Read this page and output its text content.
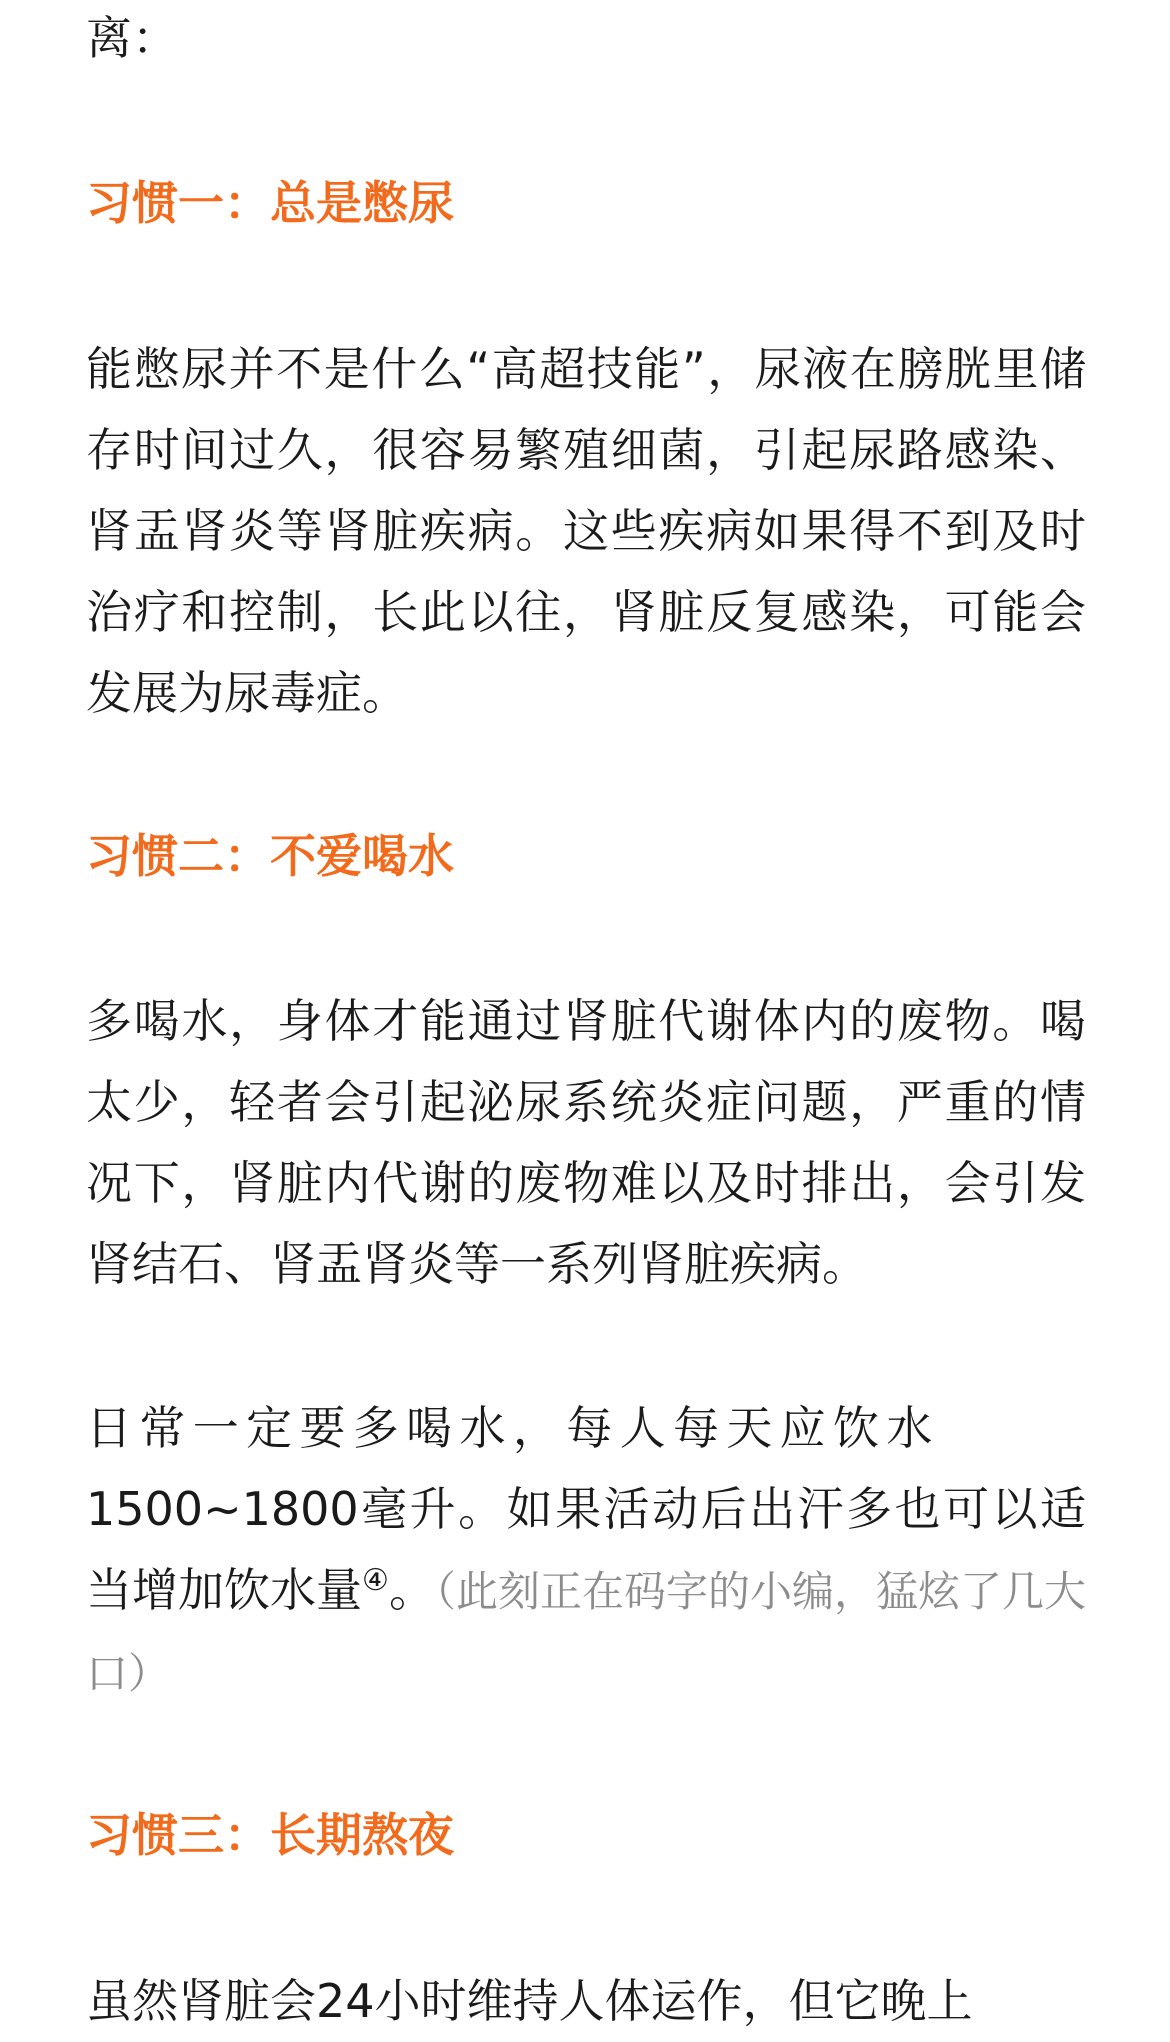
离：

习惯一：总是憋尿

能憋尿并不是什么“高超技能”，尿液在膀胱里储存时间过久，很容易繁殖细菌，引起尿路感染、肾盂肾炎等肾脏疾病。这些疾病如果得不到及时治疗和控制，长此以往，肾脏反复感染，可能会发展为尿毒症。

习惯二：不爱喝水

多喝水，身体才能通过肾脏代谢体内的废物。喝太少，轻者会引起泌尿系统炎症问题，严重的情况下，肾脏内代谢的废物难以及时排出，会引发肾结石、肾盂肾炎等一系列肾脏疾病。

日常一定要多喝水，每人每天应饮水
1500~1800毫升。如果活动后出汗多也可以适当增加饮水量④。（此刻正在码字的小编，猛炫了几大口）
习惯三：长期熬夜

虽然肾脏会24小时维持人体运作，但它晚上
